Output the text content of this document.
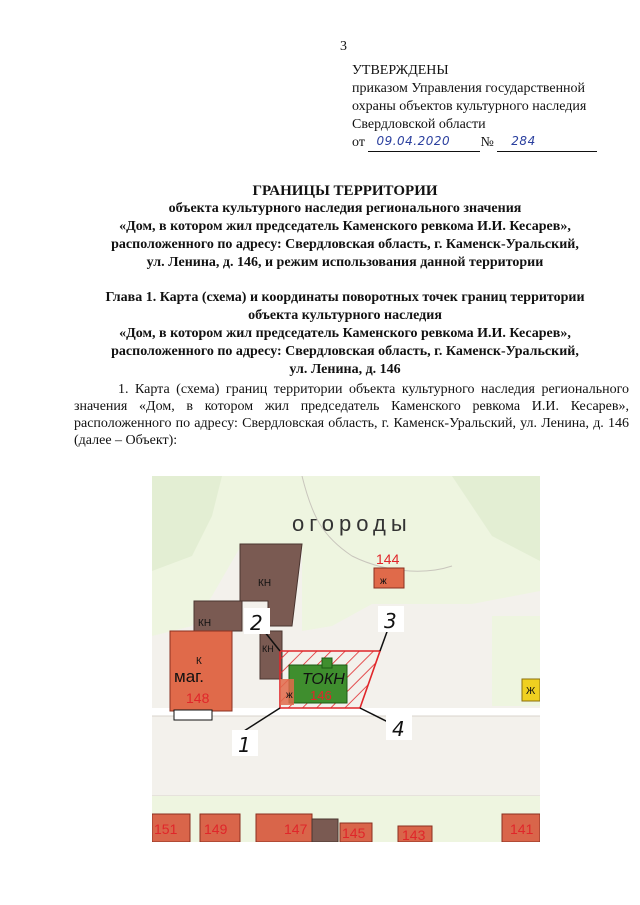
3
УТВЕРЖДЕНЫ
приказом Управления государственной
охраны объектов культурного наследия
Свердловской области
от 09.04.2020 № 284
ГРАНИЦЫ ТЕРРИТОРИИ
объекта культурного наследия регионального значения
«Дом, в котором жил председатель Каменского ревкома И.И. Кесарев»,
расположенного по адресу: Свердловская область, г. Каменск-Уральский,
ул. Ленина, д. 146, и режим использования данной территории
Глава 1. Карта (схема) и координаты поворотных точек границ территории
объекта культурного наследия
«Дом, в котором жил председатель Каменского ревкома И.И. Кесарев»,
расположенного по адресу: Свердловская область, г. Каменск-Уральский,
ул. Ленина, д. 146
1. Карта (схема) границ территории объекта культурного наследия регионального значения «Дом, в котором жил председатель Каменского ревкома И.И. Кесарев», расположенного по адресу: Свердловская область, г. Каменск-Уральский, ул. Ленина, д. 146 (далее – Объект):
огороды
144
ж
Ж
КН
КН
КН
К
маг.
148
ТОКН
ж 146
1
2	3
4
151 149	147 145	143	141
